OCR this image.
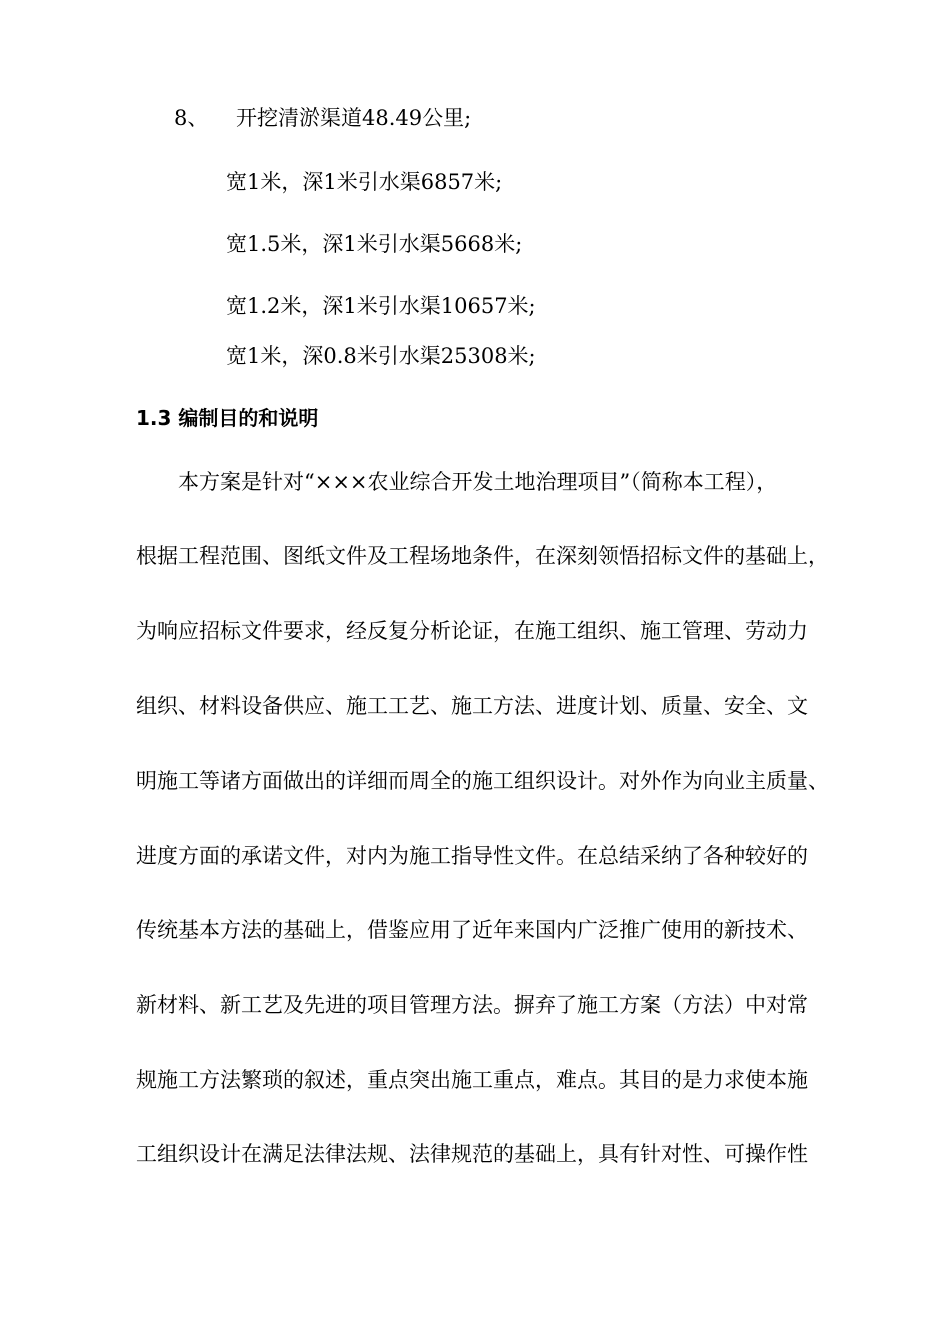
8、 开挖清淤渠道48.49公里;
宽1米，深1米引水渠6857米;
宽1.5米，深1米引水渠5668米;
宽1.2米，深1米引水渠10657米;
宽1米，深0.8米引水渠25308米;
1.3 编制目的和说明
本方案是针对“×××农业综合开发土地治理项目”（简称本工程），
根据工程范围、图纸文件及工程场地条件，在深刻领悟招标文件的基础上，
为响应招标文件要求，经反复分析论证，在施工组织、施工管理、劳动力
组织、材料设备供应、施工工艺、施工方法、进度计划、质量、安全、文
明施工等诸方面做出的详细而周全的施工组织设计。对外作为向业主质量、
进度方面的承诺文件，对内为施工指导性文件。在总结采纳了各种较好的
传统基本方法的基础上，借鉴应用了近年来国内广泛推广使用的新技术、
新材料、新工艺及先进的项目管理方法。摒弃了施工方案（方法）中对常
规施工方法繁琐的叙述，重点突出施工重点，难点。其目的是力求使本施
工组织设计在满足法律法规、法律规范的基础上，具有针对性、可操作性
